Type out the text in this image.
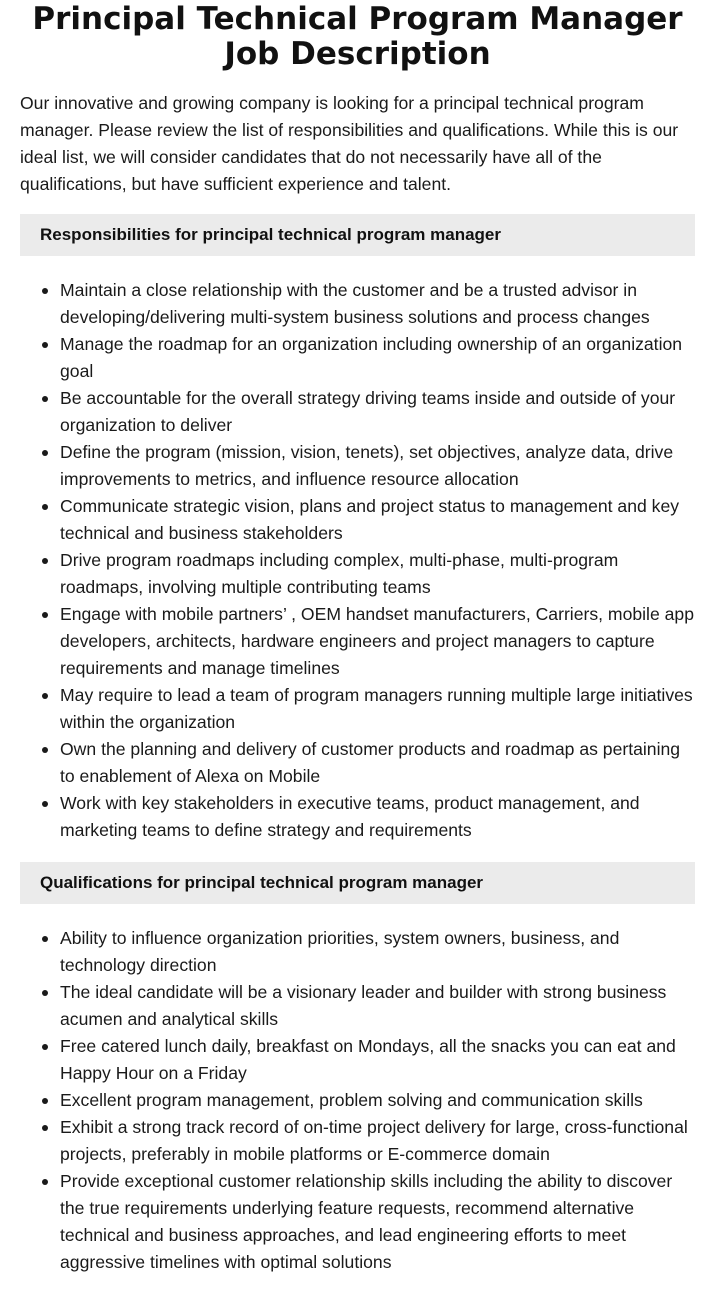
Principal Technical Program Manager Job Description

Our innovative and growing company is looking for a principal technical program manager. Please review the list of responsibilities and qualifications. While this is our ideal list, we will consider candidates that do not necessarily have all of the qualifications, but have sufficient experience and talent.

Responsibilities for principal technical program manager
Maintain a close relationship with the customer and be a trusted advisor in developing/delivering multi-system business solutions and process changes
Manage the roadmap for an organization including ownership of an organization goal
Be accountable for the overall strategy driving teams inside and outside of your organization to deliver
Define the program (mission, vision, tenets), set objectives, analyze data, drive improvements to metrics, and influence resource allocation
Communicate strategic vision, plans and project status to management and key technical and business stakeholders
Drive program roadmaps including complex, multi-phase, multi-program roadmaps, involving multiple contributing teams
Engage with mobile partners’ , OEM handset manufacturers, Carriers, mobile app developers, architects, hardware engineers and project managers to capture requirements and manage timelines
May require to lead a team of program managers running multiple large initiatives within the organization
Own the planning and delivery of customer products and roadmap as pertaining to enablement of Alexa on Mobile
Work with key stakeholders in executive teams, product management, and marketing teams to define strategy and requirements
Qualifications for principal technical program manager
Ability to influence organization priorities, system owners, business, and technology direction
The ideal candidate will be a visionary leader and builder with strong business acumen and analytical skills
Free catered lunch daily, breakfast on Mondays, all the snacks you can eat and Happy Hour on a Friday
Excellent program management, problem solving and communication skills
Exhibit a strong track record of on-time project delivery for large, cross-functional projects, preferably in mobile platforms or E-commerce domain
Provide exceptional customer relationship skills including the ability to discover the true requirements underlying feature requests, recommend alternative technical and business approaches, and lead engineering efforts to meet aggressive timelines with optimal solutions
